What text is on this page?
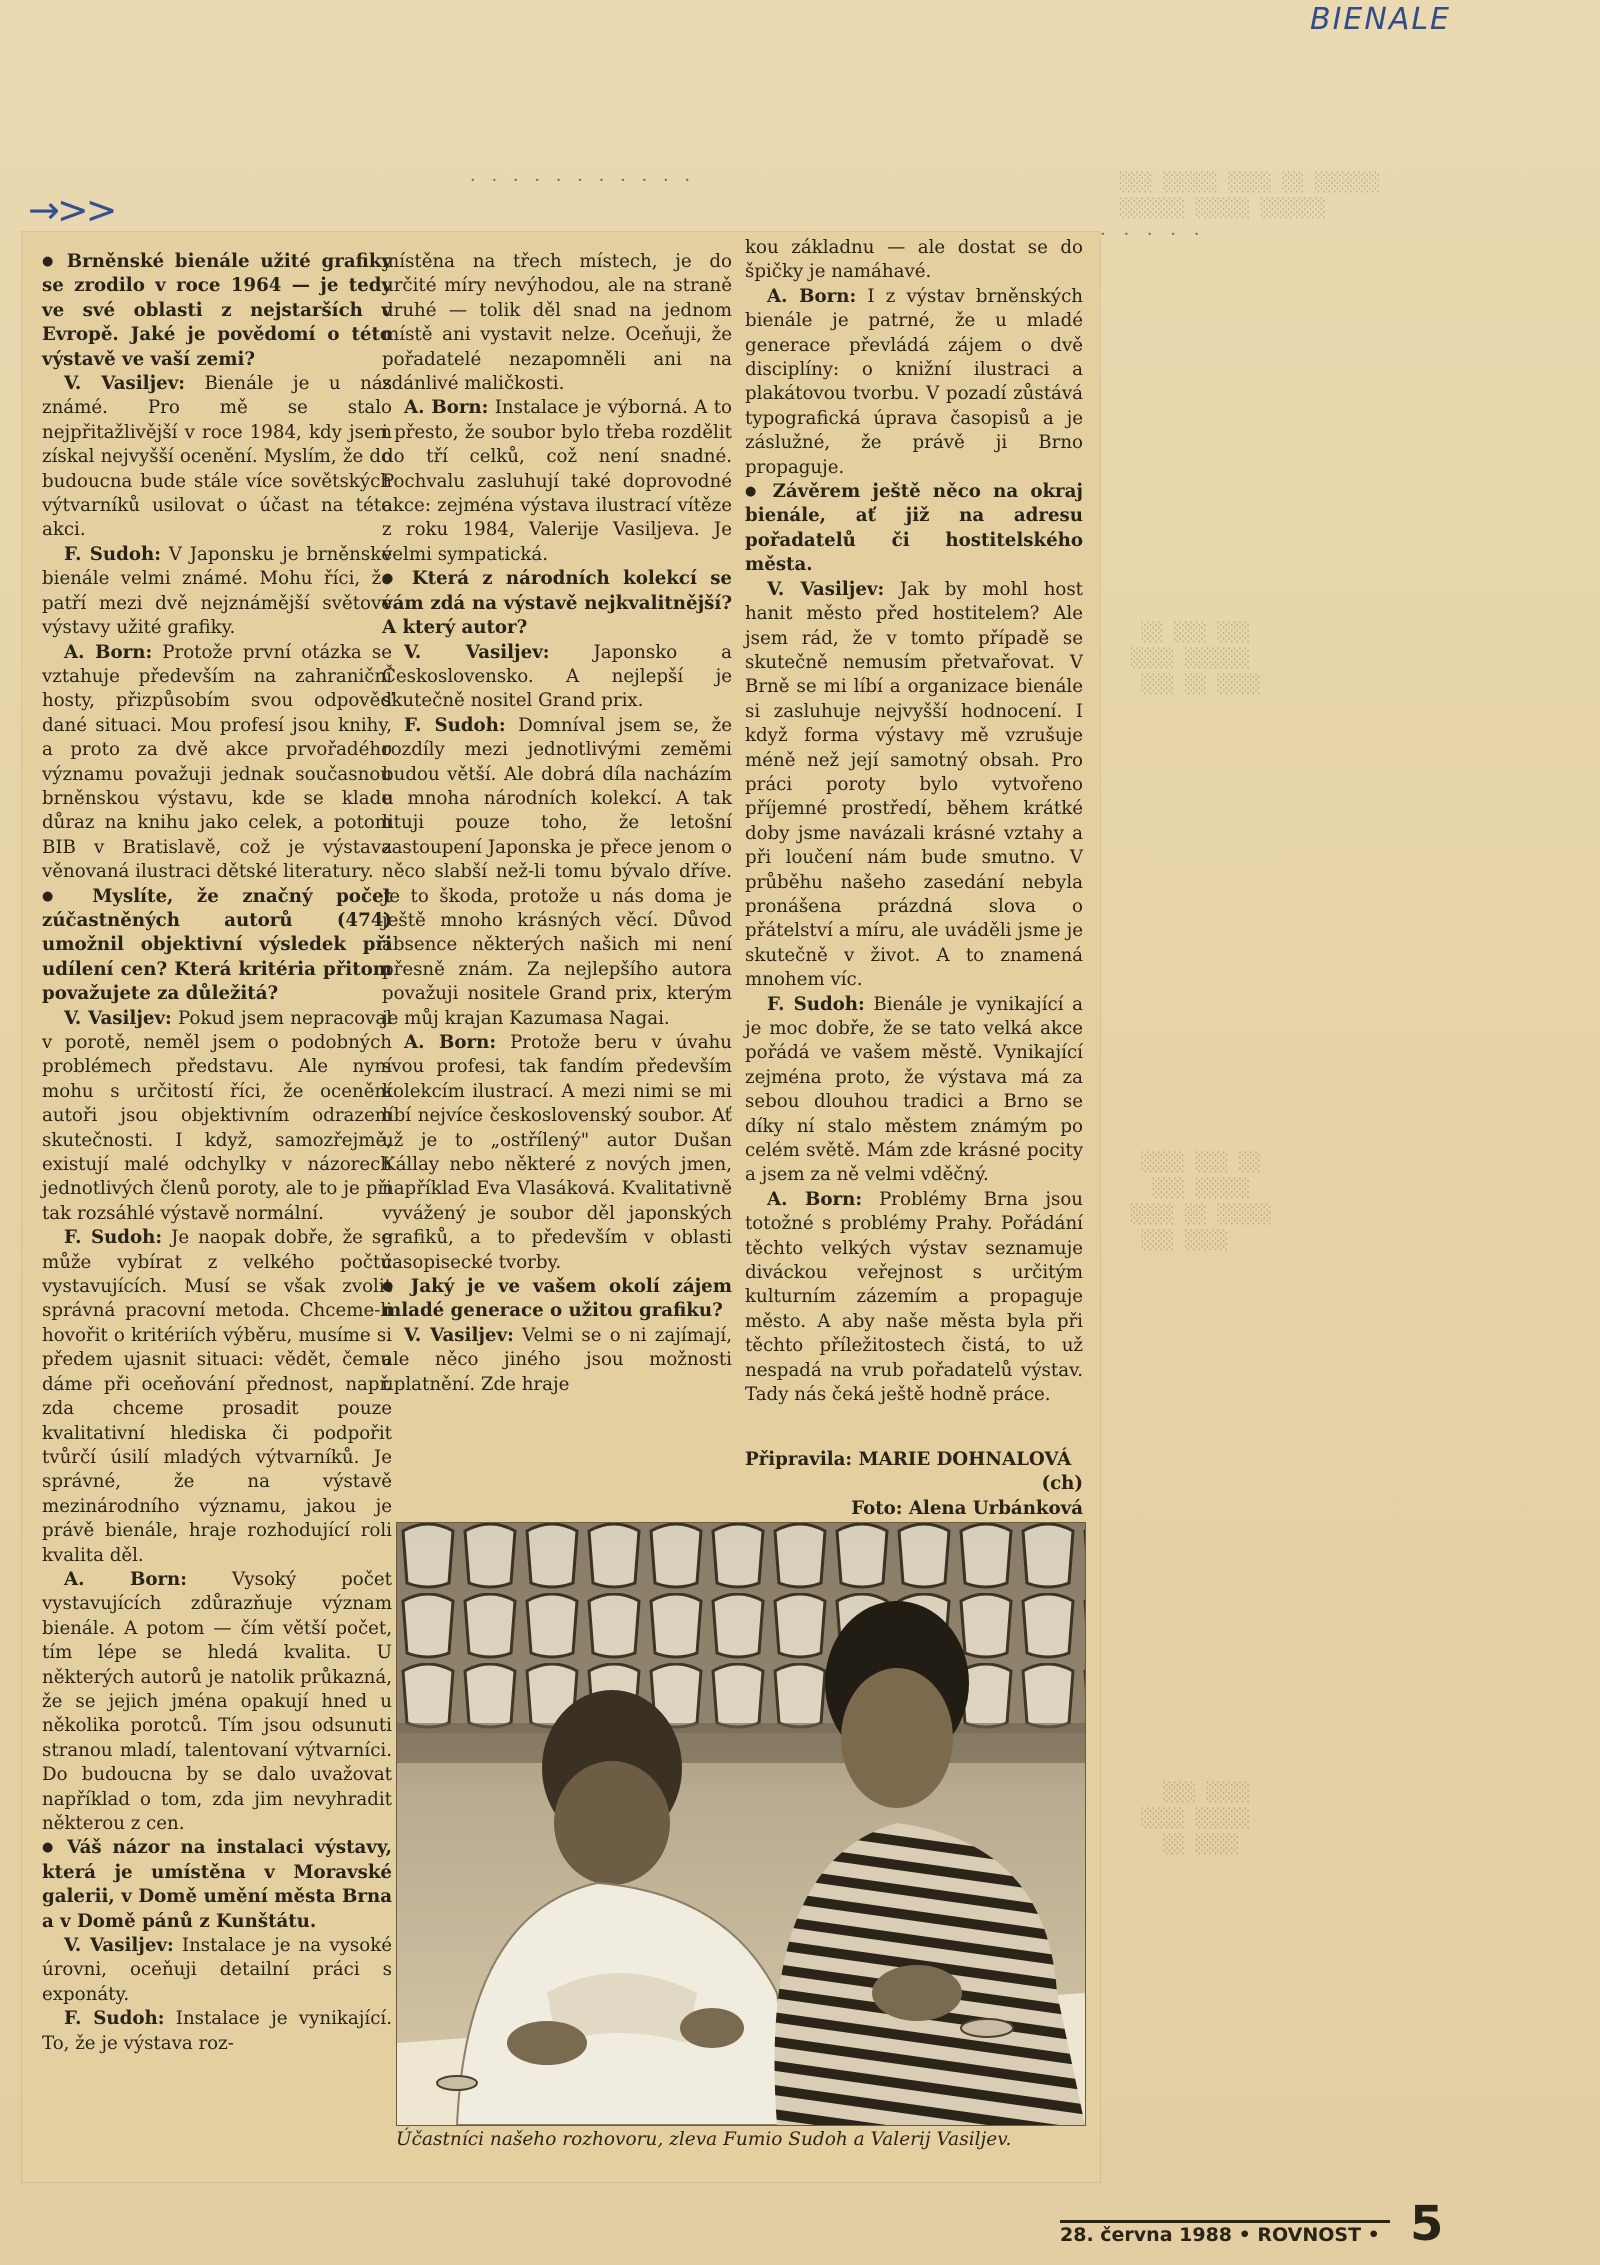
BIENALE
→>>
░░░ ░░░░░ ░░░░ ░░ ░░░░░░
░░░░░░ ░░░░░ ░░░░░░

░░ ░░░ ░░░
░░░░ ░░░░░░
░░░ ░░ ░░░░
░░░░ ░░░ ░░
░░░ ░░░░░
░░░░ ░░ ░░░░░
░░░ ░░░░
░░░ ░░░░
░░░░ ░░░░░
░░ ░░░░
· · · · · · · · · · ·
· · · · ·

● Brněnské bienále užité grafiky se zrodilo v roce 1964 — je tedy ve své oblasti z nejstarších v Evropě. Jaké je povědomí o této výstavě ve vaší zemi?

V. Vasiljev: Bienále je u nás známé. Pro mě se stalo nejpřitažlivější v roce 1984, kdy jsem získal nejvyšší ocenění. Myslím, že do budoucna bude stále více sovětských výtvarníků usilovat o účast na této akci.

F. Sudoh: V Japonsku je brněnské bienále velmi známé. Mohu říci, že patří mezi dvě nejznámější světové výstavy užité grafiky.

A. Born: Protože první otázka se vztahuje především na zahraniční hosty, přizpůsobím svou odpověď dané situaci. Mou profesí jsou knihy, a proto za dvě akce prvořadého významu považuji jednak současnou brněnskou výstavu, kde se klade důraz na knihu jako celek, a potom BIB v Bratislavě, což je výstava věnovaná ilustraci dětské literatury.

● Myslíte, že značný počet zúčastněných autorů (474) umožnil objektivní výsledek při udílení cen? Která kritéria přitom považujete za důležitá?

V. Vasiljev: Pokud jsem nepracoval v porotě, neměl jsem o podobných problémech představu. Ale nyní mohu s určitostí říci, že ocenění autoři jsou objektivním odrazem skutečnosti. I když, samozřejmě, existují malé odchylky v názorech jednotlivých členů poroty, ale to je při tak rozsáhlé výstavě normální.

F. Sudoh: Je naopak dobře, že se může vybírat z velkého počtu vystavujících. Musí se však zvolit správná pracovní metoda. Chceme-li hovořit o kritériích výběru, musíme si předem ujasnit situaci: vědět, čemu dáme při oceňování přednost, např. zda chceme prosadit pouze kvalitativní hlediska či podpořit tvůrčí úsilí mladých výtvarníků. Je správné, že na výstavě mezinárodního významu, jakou je právě bienále, hraje rozhodující roli kvalita děl.

A. Born: Vysoký počet vystavujících zdůrazňuje význam bienále. A potom — čím větší počet, tím lépe se hledá kvalita. U některých autorů je natolik průkazná, že se jejich jména opakují hned u několika porotců. Tím jsou odsunuti stranou mladí, talentovaní výtvarníci. Do budoucna by se dalo uvažovat například o tom, zda jim nevyhradit některou z cen.

● Váš názor na instalaci výstavy, která je umístěna v Moravské galerii, v Domě umění města Brna a v Domě pánů z Kunštátu.

V. Vasiljev: Instalace je na vysoké úrovni, oceňuji detailní práci s exponáty.

F. Sudoh: Instalace je vynikající. To, že je výstava roz-

místěna na třech místech, je do určité míry nevýhodou, ale na straně druhé — tolik děl snad na jednom místě ani vystavit nelze. Oceňuji, že pořadatelé nezapomněli ani na zdánlivé maličkosti.

A. Born: Instalace je výborná. A to i přesto, že soubor bylo třeba rozdělit do tří celků, což není snadné. Pochvalu zasluhují také doprovodné akce: zejména výstava ilustrací vítěze z roku 1984, Valerije Vasiljeva. Je velmi sympatická.

● Která z národních kolekcí se vám zdá na výstavě nejkvalitnější? A který autor?

V. Vasiljev: Japonsko a Československo. A nejlepší je skutečně nositel Grand prix.

F. Sudoh: Domníval jsem se, že rozdíly mezi jednotlivými zeměmi budou větší. Ale dobrá díla nacházím u mnoha národních kolekcí. A tak lituji pouze toho, že letošní zastoupení Japonska je přece jenom o něco slabší než-li tomu bývalo dříve. Je to škoda, protože u nás doma je ještě mnoho krásných věcí. Důvod absence některých našich mi není přesně znám. Za nejlepšího autora považuji nositele Grand prix, kterým je můj krajan Kazumasa Nagai.

A. Born: Protože beru v úvahu svou profesi, tak fandím především kolekcím ilustrací. A mezi nimi se mi líbí nejvíce československý soubor. Ať už je to „ostřílený" autor Dušan Kállay nebo některé z nových jmen, například Eva Vlasáková. Kvalitativně vyvážený je soubor děl japonských grafiků, a to především v oblasti časopisecké tvorby.

● Jaký je ve vašem okolí zájem mladé generace o užitou grafiku?

V. Vasiljev: Velmi se o ni zajímají, ale něco jiného jsou možnosti uplatnění. Zde hraje

kou základnu — ale dostat se do špičky je namáhavé.

A. Born: I z výstav brněnských bienále je patrné, že u mladé generace převládá zájem o dvě disciplíny: o knižní ilustraci a plakátovou tvorbu. V pozadí zůstává typografická úprava časopisů a je záslužné, že právě ji Brno propaguje.

● Závěrem ještě něco na okraj bienále, ať již na adresu pořadatelů či hostitelského města.

V. Vasiljev: Jak by mohl host hanit město před hostitelem? Ale jsem rád, že v tomto případě se skutečně nemusím přetvařovat. V Brně se mi líbí a organizace bienále si zasluhuje nejvyšší hodnocení. I když forma výstavy mě vzrušuje méně než její samotný obsah. Pro práci poroty bylo vytvořeno příjemné prostředí, během krátké doby jsme navázali krásné vztahy a při loučení nám bude smutno. V průběhu našeho zasedání nebyla pronášena prázdná slova o přátelství a míru, ale uváděli jsme je skutečně v život. A to znamená mnohem víc.

F. Sudoh: Bienále je vynikající a je moc dobře, že se tato velká akce pořádá ve vašem městě. Vynikající zejména proto, že výstava má za sebou dlouhou tradici a Brno se díky ní stalo městem známým po celém světě. Mám zde krásné pocity a jsem za ně velmi vděčný.

A. Born: Problémy Brna jsou totožné s problémy Prahy. Pořádání těchto velkých výstav seznamuje diváckou veřejnost s určitým kulturním zázemím a propaguje město. A aby naše města byla při těchto příležitostech čistá, to už nespadá na vrub pořadatelů výstav. Tady nás čeká ještě hodně práce.

Připravila: MARIE DOHNALOVÁ

(ch)

Foto: Alena Urbánková

Účastníci našeho rozhovoru, zleva Fumio Sudoh a Valerij Vasiljev.
28. června 1988 • ROVNOST • 5
